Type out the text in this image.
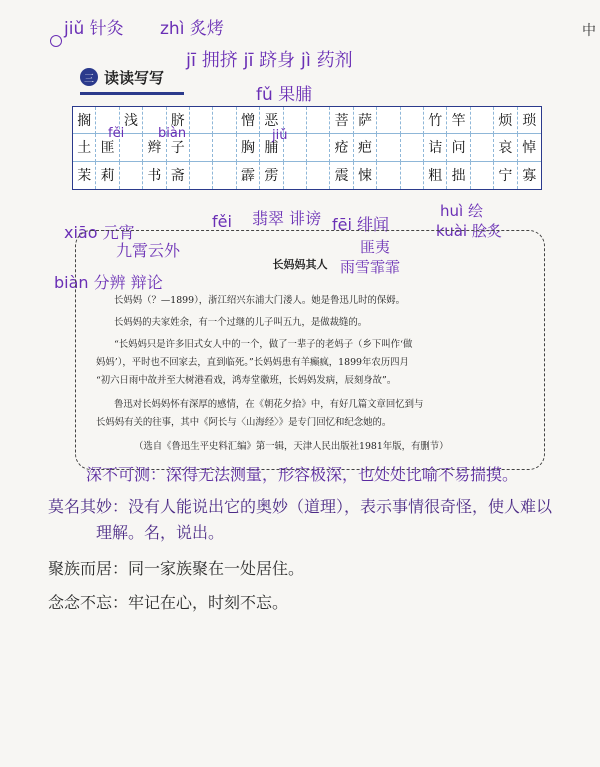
jiǔ 针灸 zhì 炙烤	中
jī 拥挤 jī 跻身 jì 药剂
fǔ 果脯
三 读读写写
搁	浅	脐	憎 恶	菩 萨	竹 竿	烦 琐
土 匪	辫 子	胸 脯	疮 疤	诘 问	哀 悼
茉 莉	书 斋	霹 雳	震 悚	粗 拙	宁 寡
fěi	biàn	jiǔ
xiāo 元宵
fěi 翡翠 诽谤 fēi 绯闻
huì 绘
kuài 脍炙
九霄云外	匪夷
雨雪霏霏
biàn 分辨 辩论
长妈妈其人
长妈妈（？—1899），浙江绍兴东浦大门溇人。她是鲁迅儿时的保姆。
长妈妈的夫家姓余，有一个过继的儿子叫五九，是做裁缝的。
“长妈妈只是许多旧式女人中的一个，做了一辈子的老妈子（乡下叫作‘做
妈妈’），平时也不回家去，直到临死。”长妈妈患有羊癫疯，1899年农历四月
“初六日雨中故并至大树港看戏，鸿寿堂徽班，长妈妈发病，辰刻身故”。
鲁迅对长妈妈怀有深厚的感情，在《朝花夕拾》中，有好几篇文章回忆到与
长妈妈有关的往事，其中《阿长与〈山海经〉》是专门回忆和纪念她的。
（选自《鲁迅生平史料汇编》第一辑，天津人民出版社1981年版，有删节）
深不可测：深得无法测量，形容极深，也处处比喻不易揣摸。
莫名其妙：没有人能说出它的奥妙（道理），表示事情很奇怪，使人难以
理解。名，说出。
聚族而居：同一家族聚在一处居住。
念念不忘：牢记在心，时刻不忘。
